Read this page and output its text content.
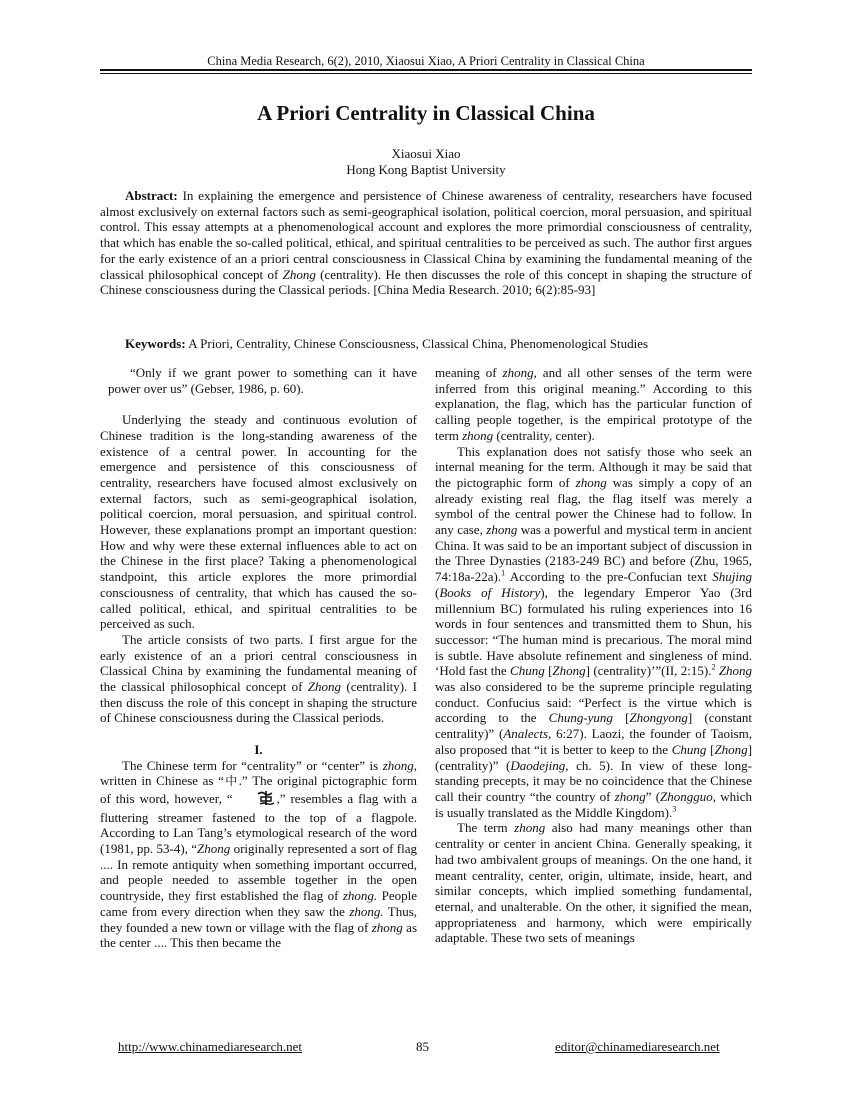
China Media Research, 6(2), 2010, Xiaosui Xiao, A Priori Centrality in Classical China
A Priori Centrality in Classical China
Xiaosui Xiao
Hong Kong Baptist University

Abstract: In explaining the emergence and persistence of Chinese awareness of centrality, researchers have focused almost exclusively on external factors such as semi-geographical isolation, political coercion, moral persuasion, and spiritual control. This essay attempts at a phenomenological account and explores the more primordial consciousness of centrality, that which has enable the so-called political, ethical, and spiritual centralities to be perceived as such. The author first argues for the early existence of an a priori central consciousness in Classical China by examining the fundamental meaning of the classical philosophical concept of Zhong (centrality). He then discusses the role of this concept in shaping the structure of Chinese consciousness during the Classical periods. [China Media Research. 2010; 6(2):85-93]

Keywords: A Priori, Centrality, Chinese Consciousness, Classical China, Phenomenological Studies

“Only if we grant power to something can it have power over us” (Gebser, 1986, p. 60).

Underlying the steady and continuous evolution of Chinese tradition is the long-standing awareness of the existence of a central power. In accounting for the emergence and persistence of this consciousness of centrality, researchers have focused almost exclusively on external factors, such as semi-geographical isolation, political coercion, moral persuasion, and spiritual control. However, these explanations prompt an important question: How and why were these external influences able to act on the Chinese in the first place? Taking a phenomenological standpoint, this article explores the more primordial consciousness of centrality, that which has caused the so-called political, ethical, and spiritual centralities to be perceived as such.

The article consists of two parts. I first argue for the early existence of an a priori central consciousness in Classical China by examining the fundamental meaning of the classical philosophical concept of Zhong (centrality). I then discuss the role of this concept in shaping the structure of Chinese consciousness during the Classical periods.

I.

The Chinese term for “centrality” or “center” is zhong, written in Chinese as “中.” The original pictographic form of this word, however, “	,” resembles a flag with a fluttering streamer fastened to the top of a flagpole. According to Lan Tang’s etymological research of the word (1981, pp. 53-4), “Zhong originally represented a sort of flag .... In remote antiquity when something important occurred, and people needed to assemble together in the open countryside, they first established the flag of zhong. People came from every direction when they saw the zhong. Thus, they founded a new town or village with the flag of zhong as the center .... This then became the

meaning of zhong, and all other senses of the term were inferred from this original meaning.” According to this explanation, the flag, which has the particular function of calling people together, is the empirical prototype of the term zhong (centrality, center).

This explanation does not satisfy those who seek an internal meaning for the term. Although it may be said that the pictographic form of zhong was simply a copy of an already existing real flag, the flag itself was merely a symbol of the central power the Chinese had to follow. In any case, zhong was a powerful and mystical term in ancient China. It was said to be an important subject of discussion in the Three Dynasties (2183-249 BC) and before (Zhu, 1965, 74:18a-22a).$^1$ According to the pre-Confucian text Shujing (Books of History), the legendary Emperor Yao (3rd millennium BC) formulated his ruling experiences into 16 words in four sentences and transmitted them to Shun, his successor: “The human mind is precarious. The moral mind is subtle. Have absolute refinement and singleness of mind. ‘Hold fast the Chung [Zhong] (centrality)’”(II, 2:15).$^2$ Zhong was also considered to be the supreme principle regulating conduct. Confucius said: “Perfect is the virtue which is according to the Chung-yung [Zhongyong] (constant centrality)” (Analects, 6:27). Laozi, the founder of Taoism, also proposed that “it is better to keep to the Chung [Zhong] (centrality)” (Daodejing, ch. 5). In view of these long-standing precepts, it may be no coincidence that the Chinese call their country “the country of zhong” (Zhongguo, which is usually translated as the Middle Kingdom).$^3$

The term zhong also had many meanings other than centrality or center in ancient China. Generally speaking, it had two ambivalent groups of meanings. On the one hand, it meant centrality, center, origin, ultimate, inside, heart, and similar concepts, which implied something fundamental, eternal, and unalterable. On the other, it signified the mean, appropriateness and harmony, which were empirically adaptable. These two sets of meanings

http://www.chinamediaresearch.net	85	editor@chinamediaresearch.net
